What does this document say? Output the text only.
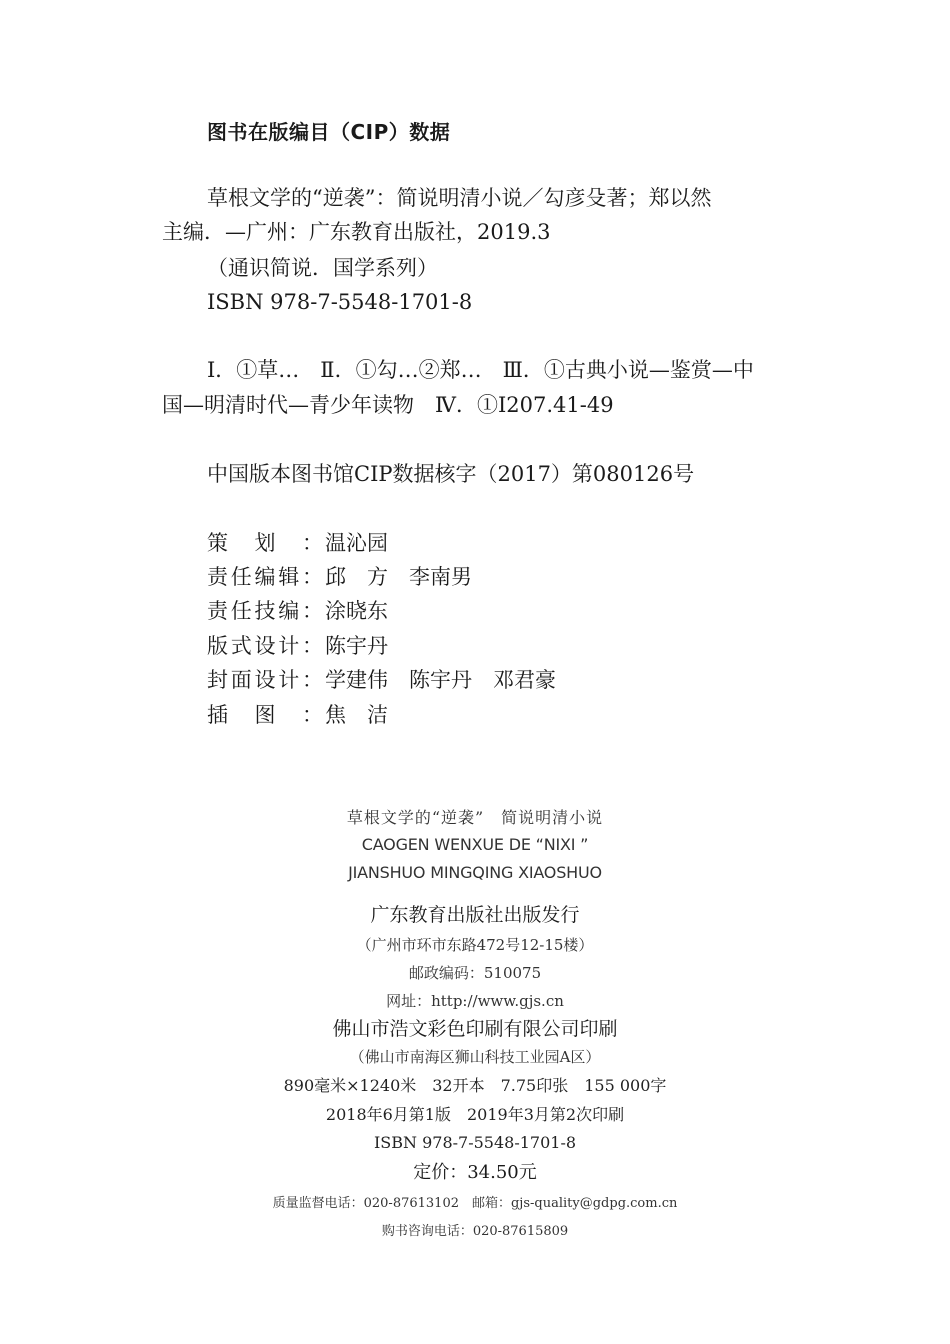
图书在版编目（CIP）数据
草根文学的“逆袭”：简说明清小说／勾彦殳著；郑以然
主编．—广州：广东教育出版社，2019.3
（通识简说．国学系列）
ISBN 978-7-5548-1701-8
Ⅰ．①草…　Ⅱ．①勾…②郑…　Ⅲ．①古典小说—鉴赏—中
国—明清时代—青少年读物　Ⅳ．①I207.41-49
中国版本图书馆CIP数据核字（2017）第080126号
策划： 温沁园
责任编辑： 邱　方　李南男
责任技编： 涂晓东
版式设计： 陈宇丹
封面设计： 学建伟　陈宇丹　邓君豪
插图： 焦　洁
草根文学的“逆袭”　简说明清小说
CAOGEN WENXUE DE “NIXI ”
JIANSHUO MINGQING XIAOSHUO
广东教育出版社出版发行
（广州市环市东路472号12-15楼）
邮政编码：510075
网址：http://www.gjs.cn
佛山市浩文彩色印刷有限公司印刷
（佛山市南海区狮山科技工业园A区）
890毫米×1240米　32开本　7.75印张　155 000字
2018年6月第1版　2019年3月第2次印刷
ISBN 978-7-5548-1701-8
定价：34.50元
质量监督电话：020-87613102　邮箱：gjs-quality@gdpg.com.cn
购书咨询电话：020-87615809
